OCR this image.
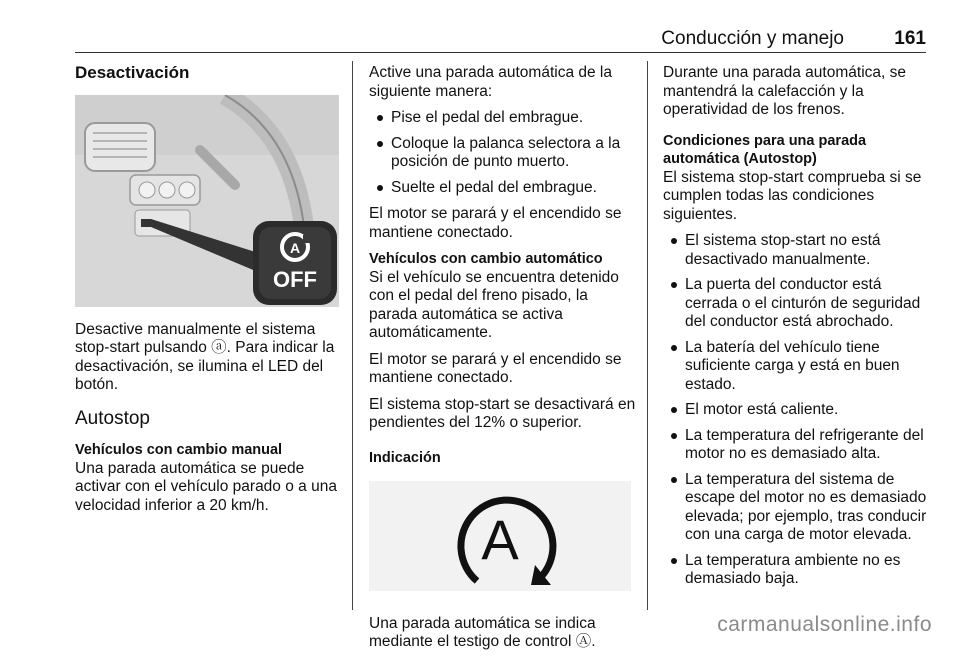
Conducción y manejo	161
Desactivación
A
OFF

Desactive manualmente el sistema stop-start pulsando ⓐ. Para indicar la desactivación, se ilumina el LED del botón.

Autostop
Vehículos con cambio manual

Una parada automática se puede activar con el vehículo parado o a una velocidad inferior a 20 km/h.

Active una parada automática de la siguiente manera:

Pise el pedal del embrague.
Coloque la palanca selectora a la posición de punto muerto.
Suelte el pedal del embrague.

El motor se parará y el encendido se mantiene conectado.

Vehículos con cambio automático

Si el vehículo se encuentra detenido con el pedal del freno pisado, la parada automática se activa automáticamente.

El motor se parará y el encendido se mantiene conectado.

El sistema stop-start se desactivará en pendientes del 12% o superior.

Indicación
A

Una parada automática se indica mediante el testigo de control Ⓐ.

Durante una parada automática, se mantendrá la calefacción y la operatividad de los frenos.

Condiciones para una parada automática (Autostop)

El sistema stop-start comprueba si se cumplen todas las condiciones siguientes.

El sistema stop-start no está desactivado manualmente.
La puerta del conductor está cerrada o el cinturón de seguridad del conductor está abrochado.
La batería del vehículo tiene suficiente carga y está en buen estado.
El motor está caliente.
La temperatura del refrigerante del motor no es demasiado alta.
La temperatura del sistema de escape del motor no es demasiado elevada; por ejemplo, tras conducir con una carga de motor elevada.
La temperatura ambiente no es demasiado baja.
carmanualsonline.info
